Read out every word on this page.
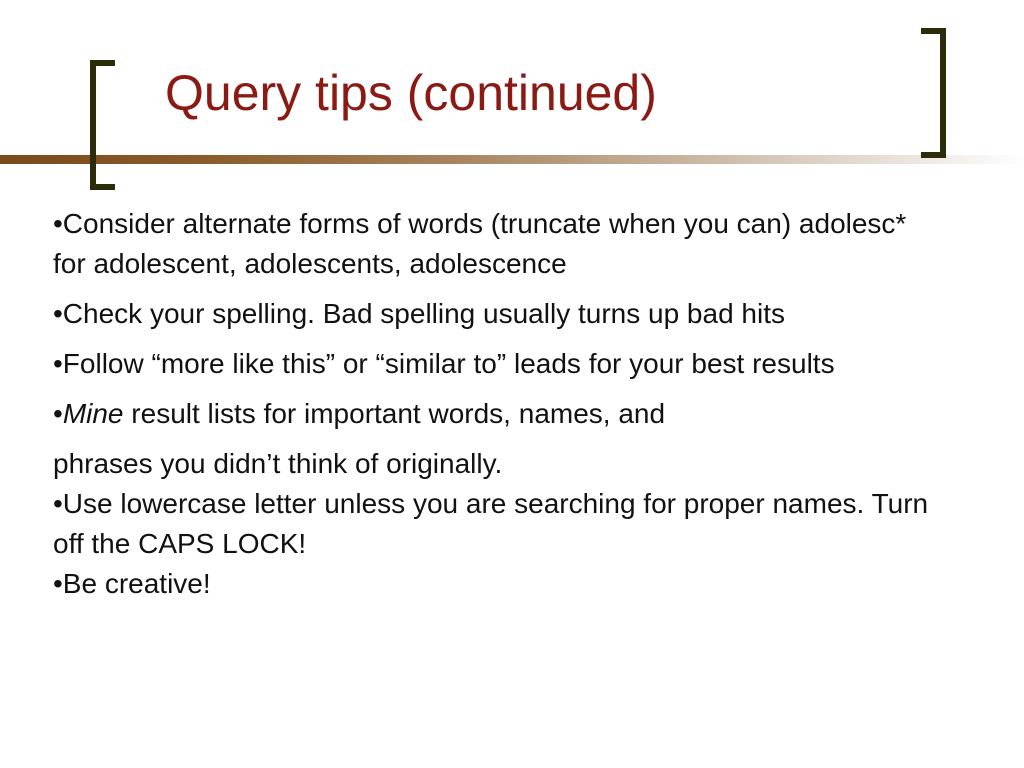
Query tips (continued)

•Consider alternate forms of words (truncate when you can) adolesc* for adolescent, adolescents, adolescence

•Check your spelling. Bad spelling usually turns up bad hits

•Follow “more like this” or “similar to” leads for your best results

•Mine result lists for important words, names, and

phrases you didn’t think of originally.

•Use lowercase letter unless you are searching for proper names. Turn off the CAPS LOCK!

•Be creative!
